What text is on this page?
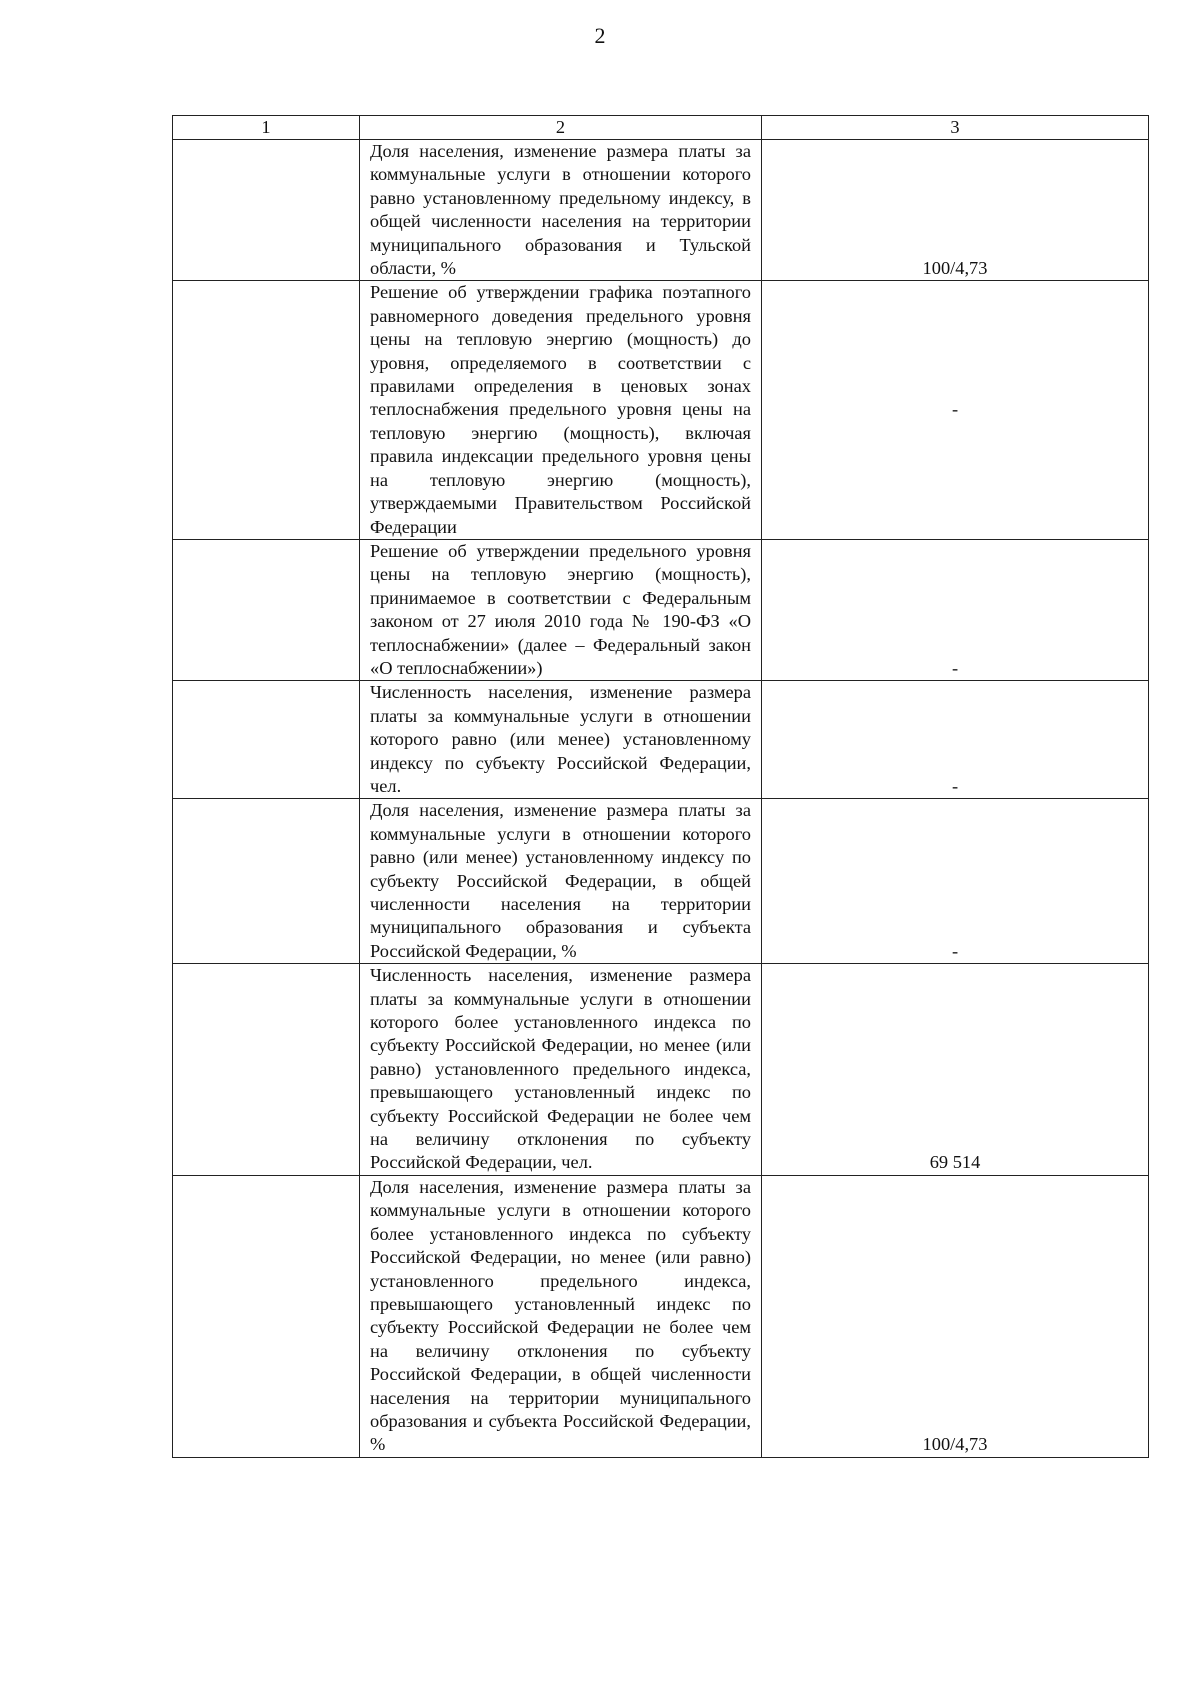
2
1	2	3
	Доля населения, изменение размера платы за коммунальные услуги в отношении которого равно установленному предельному индексу, в общей численности населения на территории муниципального образования и Тульской области, %	100/4,73
	Решение об утверждении графика поэтапного равномерного доведения предельного уровня цены на тепловую энергию (мощность) до уровня, определяемого в соответствии с правилами определения в ценовых зонах теплоснабжения предельного уровня цены на тепловую энергию (мощность), включая правила индексации предельного уровня цены на тепловую энергию (мощность), утверждаемыми Правительством Российской Федерации	-
	Решение об утверждении предельного уровня цены на тепловую энергию (мощность), принимаемое в соответствии с Федеральным законом от 27 июля 2010 года № 190-ФЗ «О теплоснабжении» (далее – Федеральный закон «О теплоснабжении»)	-
	Численность населения, изменение размера платы за коммунальные услуги в отношении которого равно (или менее) установленному индексу по субъекту Российской Федерации, чел.	-
	Доля населения, изменение размера платы за коммунальные услуги в отношении которого равно (или менее) установленному индексу по субъекту Российской Федерации, в общей численности населения на территории муниципального образования и субъекта Российской Федерации, %	-
	Численность населения, изменение размера платы за коммунальные услуги в отношении которого более установленного индекса по субъекту Российской Федерации, но менее (или равно) установленного предельного индекса, превышающего установленный индекс по субъекту Российской Федерации не более чем на величину отклонения по субъекту Российской Федерации, чел.	69 514
	Доля населения, изменение размера платы за коммунальные услуги в отношении которого более установленного индекса по субъекту Российской Федерации, но менее (или равно) установленного предельного индекса, превышающего установленный индекс по субъекту Российской Федерации не более чем на величину отклонения по субъекту Российской Федерации, в общей численности населения на территории муниципального образования и субъекта Российской Федерации, %	100/4,73
